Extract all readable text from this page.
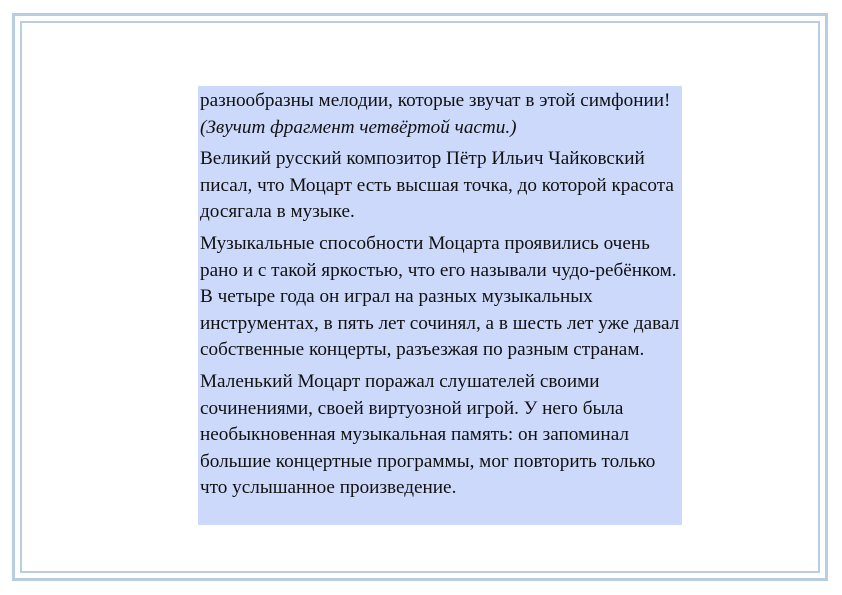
разнообразны мелодии, которые звучат в этой симфонии! (Звучит фрагмент четвёртой части.)

Великий русский композитор Пётр Ильич Чайковский писал, что Моцарт есть высшая точка, до которой красота досягала в музыке.

Музыкальные способности Моцарта проявились очень рано и с такой яркостью, что его называли чудо-ребёнком. В четыре года он играл на разных музыкальных инструментах, в пять лет сочинял, а в шесть лет уже давал собственные концерты, разъезжая по разным странам.

Маленький Моцарт поражал слушателей своими сочинениями, своей виртуозной игрой. У него была необыкновенная музыкальная память: он запоминал большие концертные программы, мог повторить только что услышанное произведение.
